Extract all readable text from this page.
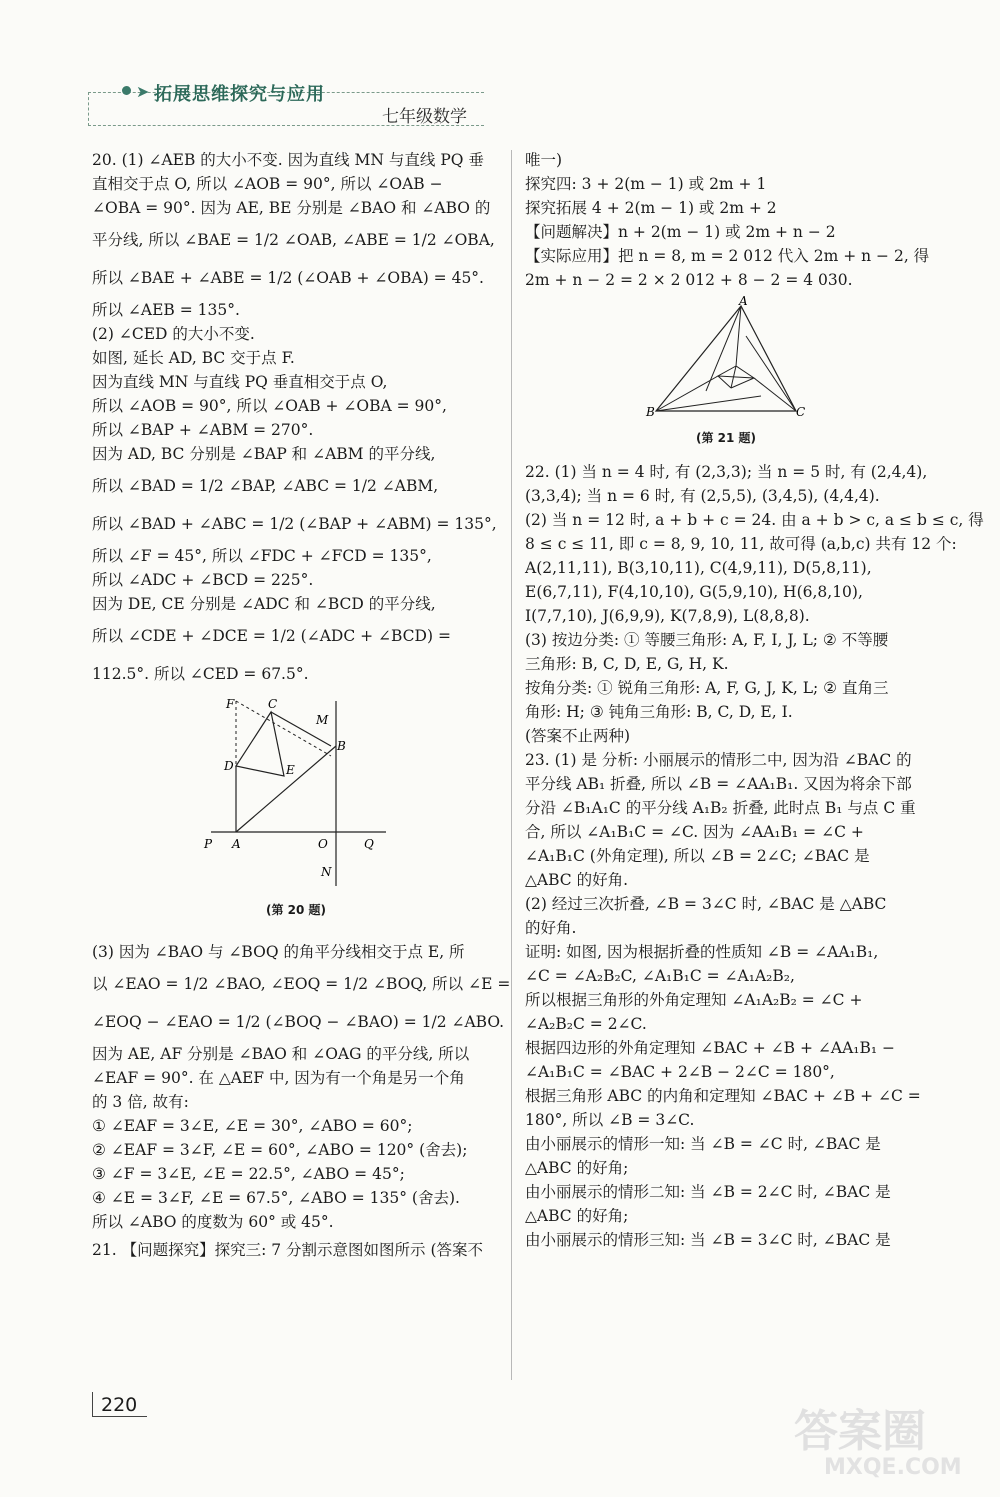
➤ 拓展思维探究与应用
七年级数学
20. (1) ∠AEB 的大小不变. 因为直线 MN 与直线 PQ 垂
直相交于点 O, 所以 ∠AOB = 90°, 所以 ∠OAB −
∠OBA = 90°. 因为 AE, BE 分别是 ∠BAO 和 ∠ABO 的
平分线, 所以 ∠BAE = 1/2 ∠OAB, ∠ABE = 1/2 ∠OBA,
所以 ∠BAE + ∠ABE = 1/2 (∠OAB + ∠OBA) = 45°.
所以 ∠AEB = 135°.
(2) ∠CED 的大小不变.
如图, 延长 AD, BC 交于点 F.
因为直线 MN 与直线 PQ 垂直相交于点 O,
所以 ∠AOB = 90°, 所以 ∠OAB + ∠OBA = 90°,
所以 ∠BAP + ∠ABM = 270°.
因为 AD, BC 分别是 ∠BAP 和 ∠ABM 的平分线,
所以 ∠BAD = 1/2 ∠BAP, ∠ABC = 1/2 ∠ABM,
所以 ∠BAD + ∠ABC = 1/2 (∠BAP + ∠ABM) = 135°,
所以 ∠F = 45°, 所以 ∠FDC + ∠FCD = 135°,
所以 ∠ADC + ∠BCD = 225°.
因为 DE, CE 分别是 ∠ADC 和 ∠BCD 的平分线,
所以 ∠CDE + ∠DCE = 1/2 (∠ADC + ∠BCD) =
112.5°. 所以 ∠CED = 67.5°.
F	C
M
B
D	E
P A	O	Q
N
(第 20 题)
(3) 因为 ∠BAO 与 ∠BOQ 的角平分线相交于点 E, 所
以 ∠EAO = 1/2 ∠BAO, ∠EOQ = 1/2 ∠BOQ, 所以 ∠E =
∠EOQ − ∠EAO = 1/2 (∠BOQ − ∠BAO) = 1/2 ∠ABO.
因为 AE, AF 分别是 ∠BAO 和 ∠OAG 的平分线, 所以
∠EAF = 90°. 在 △AEF 中, 因为有一个角是另一个角
的 3 倍, 故有:
① ∠EAF = 3∠E, ∠E = 30°, ∠ABO = 60°;
② ∠EAF = 3∠F, ∠E = 60°, ∠ABO = 120° (舍去);
③ ∠F = 3∠E, ∠E = 22.5°, ∠ABO = 45°;
④ ∠E = 3∠F, ∠E = 67.5°, ∠ABO = 135° (舍去).
所以 ∠ABO 的度数为 60° 或 45°.
21. 【问题探究】探究三: 7 分割示意图如图所示 (答案不
唯一)
探究四: 3 + 2(m − 1) 或 2m + 1
探究拓展 4 + 2(m − 1) 或 2m + 2
【问题解决】n + 2(m − 1) 或 2m + n − 2
【实际应用】把 n = 8, m = 2 012 代入 2m + n − 2, 得
2m + n − 2 = 2 × 2 012 + 8 − 2 = 4 030.
A
B	C
(第 21 题)
22. (1) 当 n = 4 时, 有 (2,3,3); 当 n = 5 时, 有 (2,4,4),
(3,3,4); 当 n = 6 时, 有 (2,5,5), (3,4,5), (4,4,4).
(2) 当 n = 12 时, a + b + c = 24. 由 a + b > c, a ≤ b ≤ c, 得
8 ≤ c ≤ 11, 即 c = 8, 9, 10, 11, 故可得 (a,b,c) 共有 12 个:
A(2,11,11), B(3,10,11), C(4,9,11), D(5,8,11),
E(6,7,11), F(4,10,10), G(5,9,10), H(6,8,10),
I(7,7,10), J(6,9,9), K(7,8,9), L(8,8,8).
(3) 按边分类: ① 等腰三角形: A, F, I, J, L; ② 不等腰
三角形: B, C, D, E, G, H, K.
按角分类: ① 锐角三角形: A, F, G, J, K, L; ② 直角三
角形: H; ③ 钝角三角形: B, C, D, E, I.
(答案不止两种)
23. (1) 是 分析: 小丽展示的情形二中, 因为沿 ∠BAC 的
平分线 AB₁ 折叠, 所以 ∠B = ∠AA₁B₁. 又因为将余下部
分沿 ∠B₁A₁C 的平分线 A₁B₂ 折叠, 此时点 B₁ 与点 C 重
合, 所以 ∠A₁B₁C = ∠C. 因为 ∠AA₁B₁ = ∠C +
∠A₁B₁C (外角定理), 所以 ∠B = 2∠C; ∠BAC 是
△ABC 的好角.
(2) 经过三次折叠, ∠B = 3∠C 时, ∠BAC 是 △ABC
的好角.
证明: 如图, 因为根据折叠的性质知 ∠B = ∠AA₁B₁,
∠C = ∠A₂B₂C, ∠A₁B₁C = ∠A₁A₂B₂,
所以根据三角形的外角定理知 ∠A₁A₂B₂ = ∠C +
∠A₂B₂C = 2∠C.
根据四边形的外角定理知 ∠BAC + ∠B + ∠AA₁B₁ −
∠A₁B₁C = ∠BAC + 2∠B − 2∠C = 180°,
根据三角形 ABC 的内角和定理知 ∠BAC + ∠B + ∠C =
180°, 所以 ∠B = 3∠C.
由小丽展示的情形一知: 当 ∠B = ∠C 时, ∠BAC 是
△ABC 的好角;
由小丽展示的情形二知: 当 ∠B = 2∠C 时, ∠BAC 是
△ABC 的好角;
由小丽展示的情形三知: 当 ∠B = 3∠C 时, ∠BAC 是
220
答案圈
MXQE.COM
